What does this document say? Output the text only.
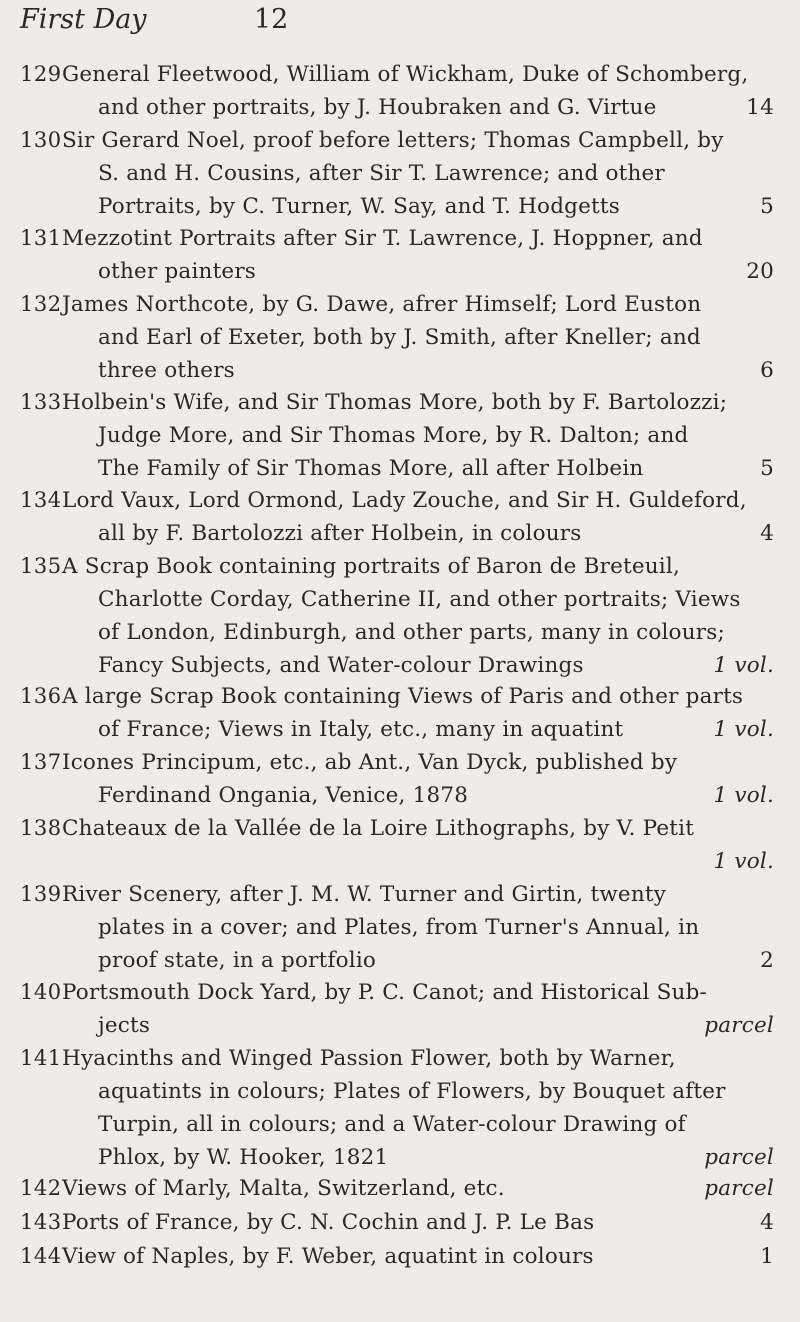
First Day	12
129 General Fleetwood, William of Wickham, Duke of Schomberg,
and other portraits, by J. Houbraken and G. Virtue	14
130 Sir Gerard Noel, proof before letters; Thomas Campbell, by
S. and H. Cousins, after Sir T. Lawrence; and other
Portraits, by C. Turner, W. Say, and T. Hodgetts	5
131 Mezzotint Portraits after Sir T. Lawrence, J. Hoppner, and
other painters	20
132 James Northcote, by G. Dawe, afrer Himself; Lord Euston
and Earl of Exeter, both by J. Smith, after Kneller; and
three others	6
133 Holbein's Wife, and Sir Thomas More, both by F. Bartolozzi;
Judge More, and Sir Thomas More, by R. Dalton; and
The Family of Sir Thomas More, all after Holbein	5
134 Lord Vaux, Lord Ormond, Lady Zouche, and Sir H. Guldeford,
all by F. Bartolozzi after Holbein, in colours	4
135 A Scrap Book containing portraits of Baron de Breteuil,
Charlotte Corday, Catherine II, and other portraits; Views
of London, Edinburgh, and other parts, many in colours;
Fancy Subjects, and Water-colour Drawings	1 vol.
136 A large Scrap Book containing Views of Paris and other parts
of France; Views in Italy, etc., many in aquatint	1 vol.
137 Icones Principum, etc., ab Ant., Van Dyck, published by
Ferdinand Ongania, Venice, 1878	1 vol.
138 Chateaux de la Vallée de la Loire Lithographs, by V. Petit
1 vol.
139 River Scenery, after J. M. W. Turner and Girtin, twenty
plates in a cover; and Plates, from Turner's Annual, in
proof state, in a portfolio	2
140 Portsmouth Dock Yard, by P. C. Canot; and Historical Sub-
jects	parcel
141 Hyacinths and Winged Passion Flower, both by Warner,
aquatints in colours; Plates of Flowers, by Bouquet after
Turpin, all in colours; and a Water-colour Drawing of
Phlox, by W. Hooker, 1821	parcel
142 Views of Marly, Malta, Switzerland, etc.	parcel
143 Ports of France, by C. N. Cochin and J. P. Le Bas	4
144 View of Naples, by F. Weber, aquatint in colours	1
